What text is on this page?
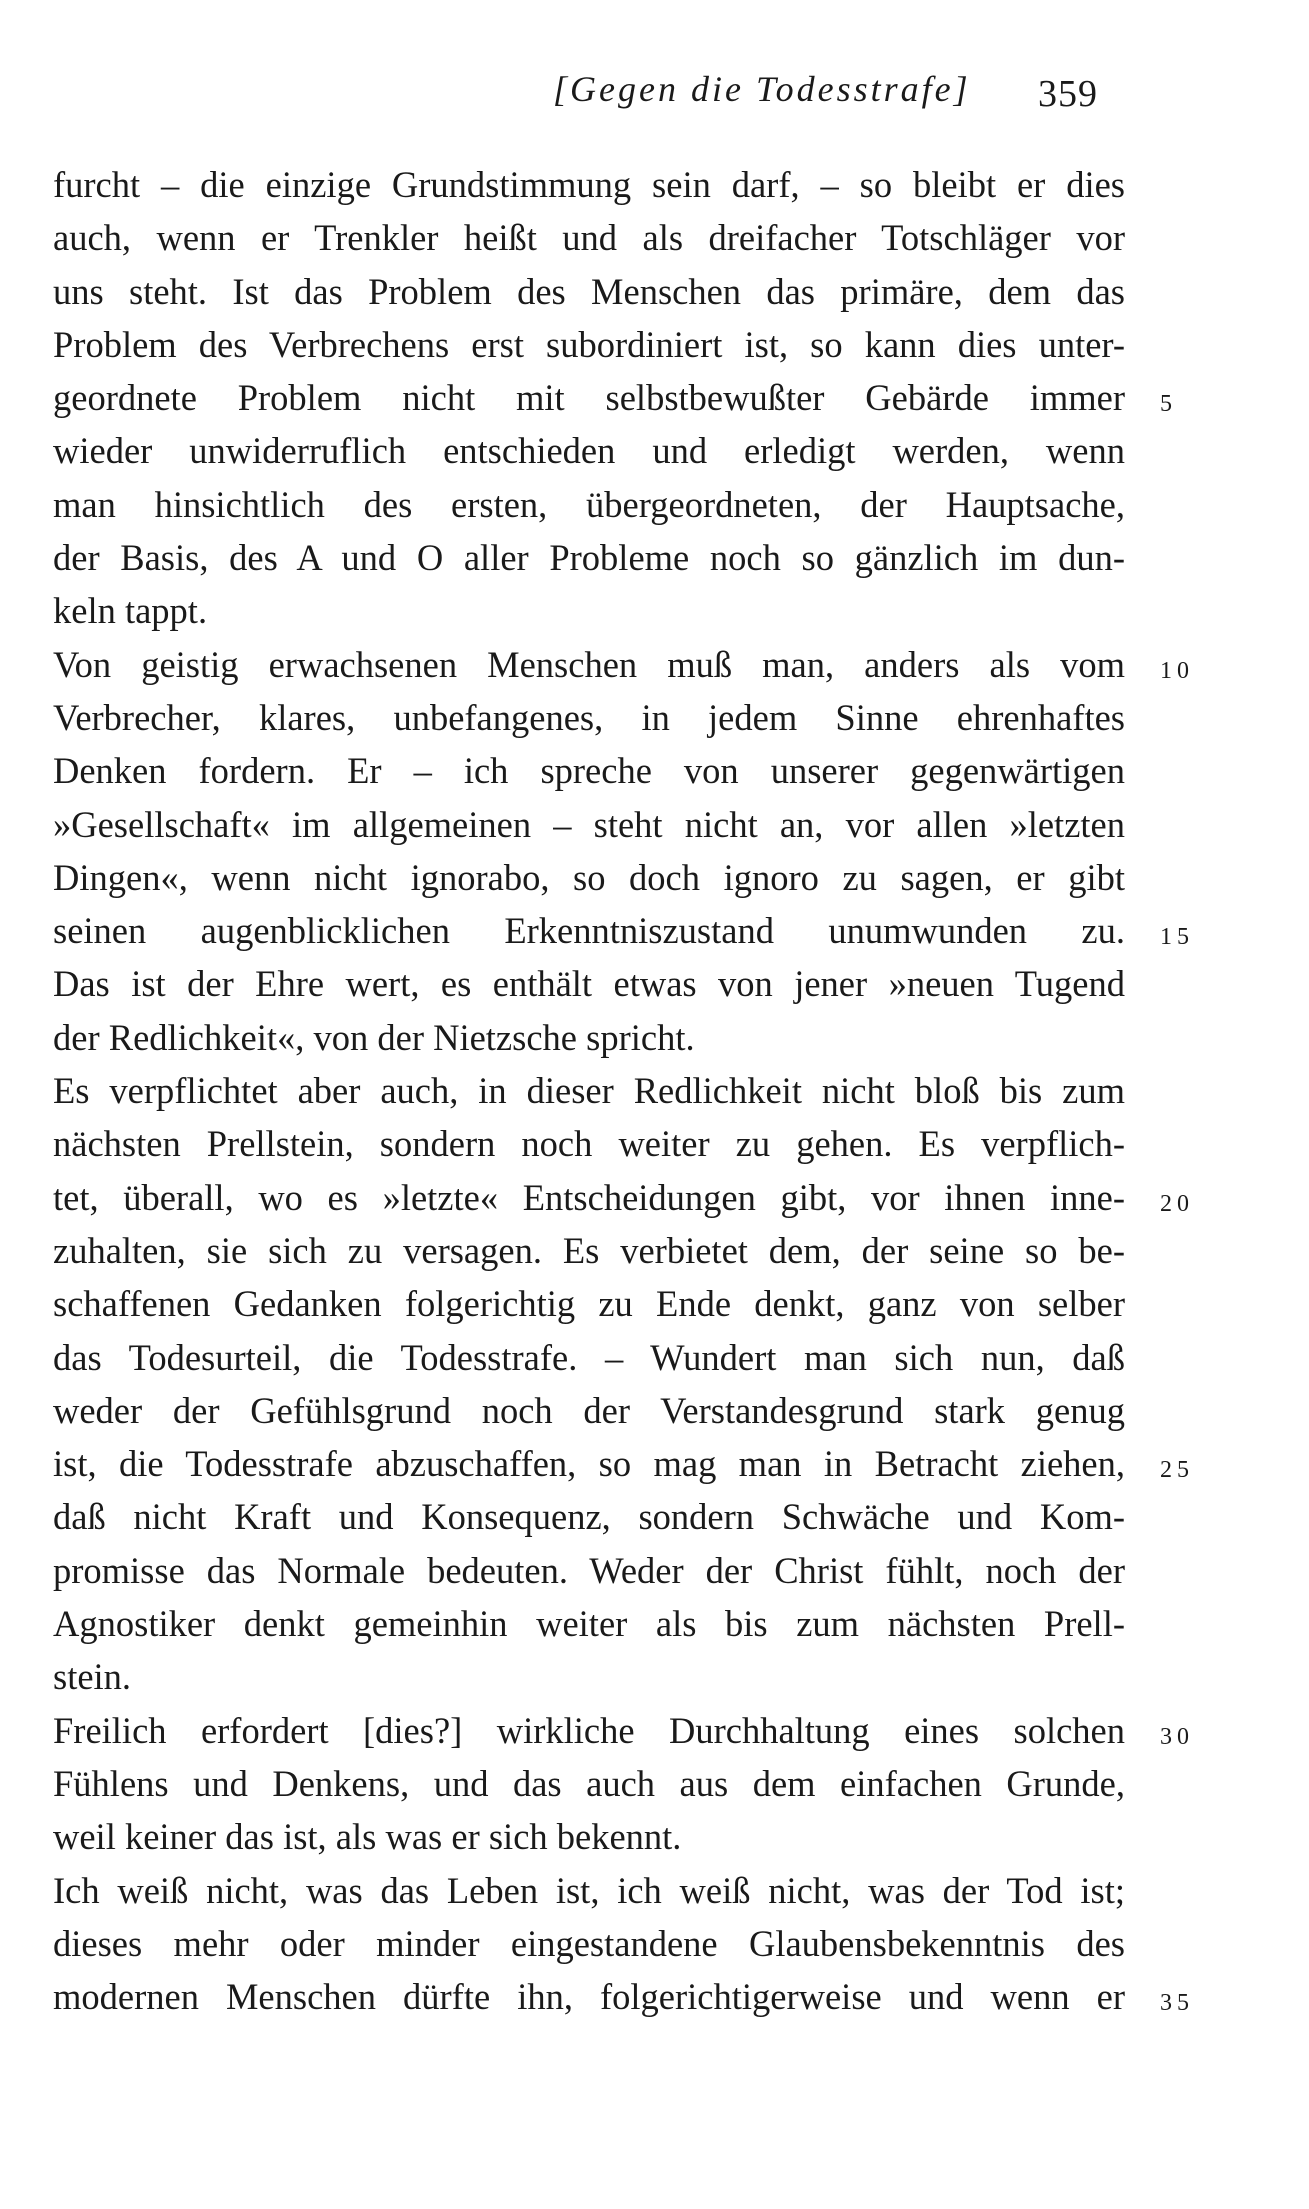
[Gegen die Todesstrafe] 359
furcht – die einzige Grundstimmung sein darf, – so bleibt er dies
auch, wenn er Trenkler heißt und als dreifacher Totschläger vor
uns steht. Ist das Problem des Menschen das primäre, dem das
Problem des Verbrechens erst subordiniert ist, so kann dies unter-
geordnete Problem nicht mit selbstbewußter Gebärde immer
wieder unwiderruflich entschieden und erledigt werden, wenn
man hinsichtlich des ersten, übergeordneten, der Hauptsache,
der Basis, des A und O aller Probleme noch so gänzlich im dun-
keln tappt.
Von geistig erwachsenen Menschen muß man, anders als vom
Verbrecher, klares, unbefangenes, in jedem Sinne ehrenhaftes
Denken fordern. Er – ich spreche von unserer gegenwärtigen
»Gesellschaft« im allgemeinen – steht nicht an, vor allen »letzten
Dingen«, wenn nicht ignorabo, so doch ignoro zu sagen, er gibt
seinen augenblicklichen Erkenntniszustand unumwunden zu.
Das ist der Ehre wert, es enthält etwas von jener »neuen Tugend
der Redlichkeit«, von der Nietzsche spricht.
Es verpflichtet aber auch, in dieser Redlichkeit nicht bloß bis zum
nächsten Prellstein, sondern noch weiter zu gehen. Es verpflich-
tet, überall, wo es »letzte« Entscheidungen gibt, vor ihnen inne-
zuhalten, sie sich zu versagen. Es verbietet dem, der seine so be-
schaffenen Gedanken folgerichtig zu Ende denkt, ganz von selber
das Todesurteil, die Todesstrafe. – Wundert man sich nun, daß
weder der Gefühlsgrund noch der Verstandesgrund stark genug
ist, die Todesstrafe abzuschaffen, so mag man in Betracht ziehen,
daß nicht Kraft und Konsequenz, sondern Schwäche und Kom-
promisse das Normale bedeuten. Weder der Christ fühlt, noch der
Agnostiker denkt gemeinhin weiter als bis zum nächsten Prell-
stein.
Freilich erfordert [dies?] wirkliche Durchhaltung eines solchen
Fühlens und Denkens, und das auch aus dem einfachen Grunde,
weil keiner das ist, als was er sich bekennt.
Ich weiß nicht, was das Leben ist, ich weiß nicht, was der Tod ist;
dieses mehr oder minder eingestandene Glaubensbekenntnis des
modernen Menschen dürfte ihn, folgerichtigerweise und wenn er
5
10
15
20
25
30
35
